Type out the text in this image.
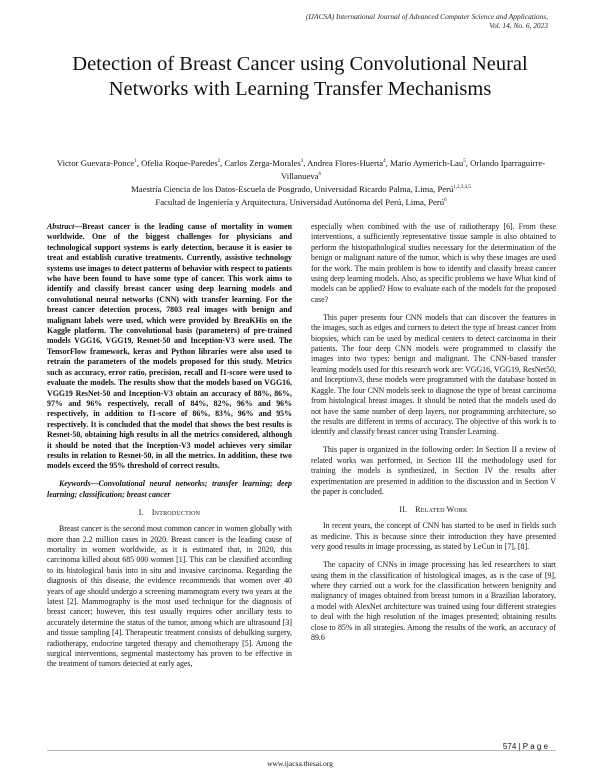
(IJACSA) International Journal of Advanced Computer Science and Applications,
Vol. 14, No. 6, 2023
Detection of Breast Cancer using Convolutional Neural Networks with Learning Transfer Mechanisms
Victor Guevara-Ponce$^1$, Ofelia Roque-Paredes$^2$, Carlos Zerga-Morales$^3$, Andrea Flores-Huerta$^4$, Mario Aymerich-Lau$^5$, Orlando Iparraguirre-Villanueva$^6$
Maestría Ciencia de los Datos-Escuela de Posgrado, Universidad Ricardo Palma, Lima, Perú$^{1,2,3,4,5}$
Facultad de Ingeniería y Arquitectura, Universidad Autónoma del Perú, Lima, Perú$^6$

Abstract—Breast cancer is the leading cause of mortality in women worldwide. One of the biggest challenges for physicians and technological support systems is early detection, because it is easier to treat and establish curative treatments. Currently, assistive technology systems use images to detect patterns of behavior with respect to patients who have been found to have some type of cancer. This work aims to identify and classify breast cancer using deep learning models and convolutional neural networks (CNN) with transfer learning. For the breast cancer detection process, 7803 real images with benign and malignant labels were used, which were provided by BreaKHis on the Kaggle platform. The convolutional basis (parameters) of pre-trained models VGG16, VGG19, Resnet-50 and Inception-V3 were used. The TensorFlow framework, keras and Python libraries were also used to retrain the parameters of the models proposed for this study. Metrics such as accuracy, error ratio, precision, recall and f1-score were used to evaluate the models. The results show that the models based on VGG16, VGG19 ResNet-50 and Inception-V3 obtain an accuracy of 88%, 86%, 97% and 96% respectively, recall of 84%, 82%, 96% and 96% respectively, in addition to f1-score of 86%, 83%, 96% and 95% respectively. It is concluded that the model that shows the best results is Resnet-50, obtaining high results in all the metrics considered, although it should be noted that the Inception-V3 model achieves very similar results in relation to Resnet-50, in all the metrics. In addition, these two models exceed the 95% threshold of correct results.

Keywords—Convolutional neural networks; transfer learning; deep learning; classification; breast cancer

I. Introduction

Breast cancer is the second most common cancer in women globally with more than 2.2 million cases in 2020. Breast cancer is the leading cause of mortality in women worldwide, as it is estimated that, in 2020, this carcinoma killed about 685 000 women [1]. This can be classified according to its histological basis into in situ and invasive carcinoma. Regarding the diagnosis of this disease, the evidence recommends that women over 40 years of age should undergo a screening mammogram every two years at the latest [2]. Mammography is the most used technique for the diagnosis of breast cancer; however, this test usually requires other ancillary tests to accurately determine the status of the tumor, among which are ultrasound [3] and tissue sampling [4]. Therapeutic treatment consists of debulking surgery, radiotherapy, endocrine targeted therapy and chemotherapy [5]. Among the surgical interventions, segmental mastectomy has proven to be effective in the treatment of tumors detected at early ages,

especially when combined with the use of radiotherapy [6]. From these interventions, a sufficiently representative tissue sample is also obtained to perform the histopathological studies necessary for the determination of the benign or malignant nature of the tumor, which is why these images are used for the work. The main problem is how to identify and classify breast cancer using deep learning models. Also, as specific problems we have What kind of models can be applied? How to evaluate each of the models for the proposed case?

This paper presents four CNN models that can discover the features in the images, such as edges and corners to detect the type of breast cancer from biopsies, which can be used by medical centers to detect carcinoma in their patients. The four deep CNN models were programmed to classify the images into two types: benign and malignant. The CNN-based transfer learning models used for this research work are: VGG16, VGG19, ResNet50, and Inceptionv3, these models were programmed with the database hosted in Kaggle. The four CNN models seek to diagnose the type of breast carcinoma from histological breast images. It should be noted that the models used do not have the same number of deep layers, nor programming architecture, so the results are different in terms of accuracy. The objective of this work is to identify and classify breast cancer using Transfer Learning.

This paper is organized in the following order: In Section II a review of related works was performed, in Section III the methodology used for training the models is synthesized, in Section IV the results after experimentation are presented in addition to the discussion and in Section V the paper is concluded.

II. Related Work

In recent years, the concept of CNN has started to be used in fields such as medicine. This is because since their introduction they have presented very good results in image processing, as stated by LeCun in [7], [8].

The capacity of CNNs in image processing has led researchers to start using them in the classification of histological images, as is the case of [9], where they carried out a work for the classification between benignity and malignancy of images obtained from breast tumors in a Brazilian laboratory, a model with AlexNet architecture was trained using four different strategies to deal with the high resolution of the images presented; obtaining results close to 85% in all strategies. Among the results of the work, an accuracy of 89.6

574 | P a g e
www.ijacsa.thesai.org
